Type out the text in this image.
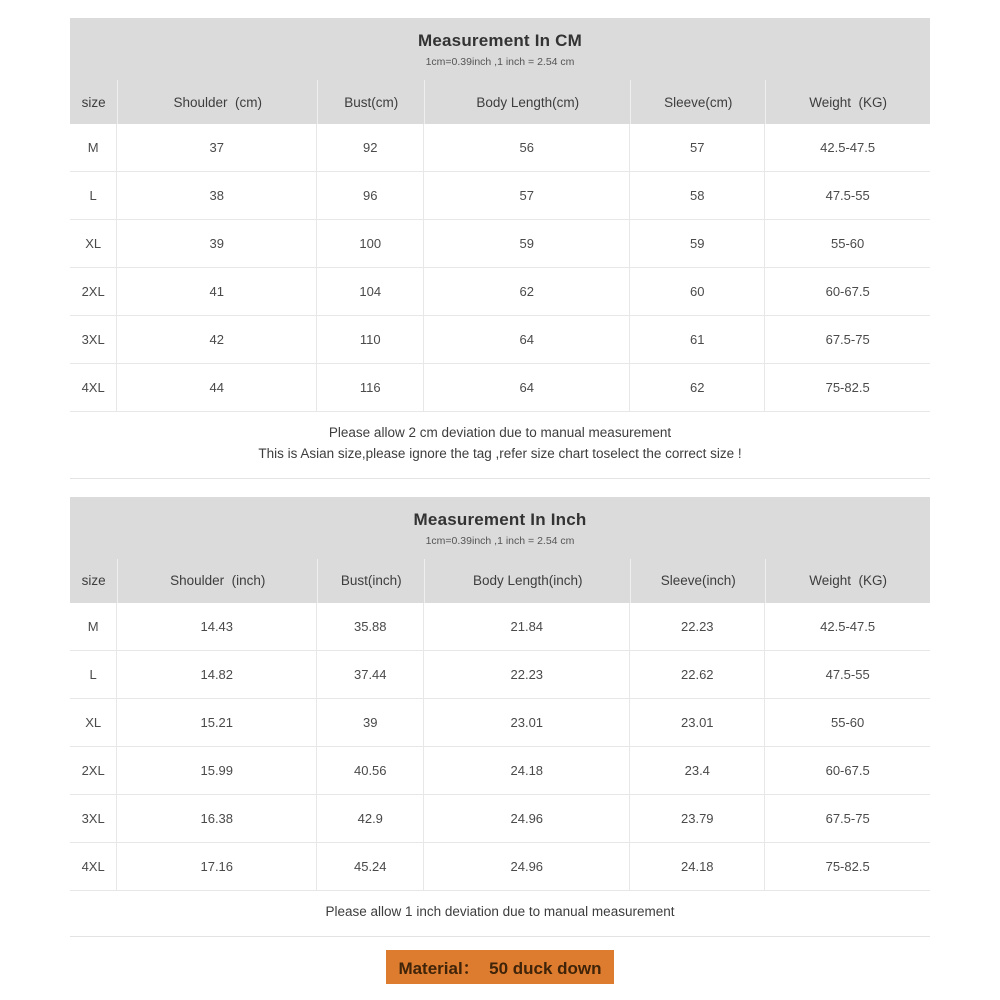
Measurement In CM
1cm=0.39inch ,1 inch = 2.54 cm
size	Shoulder  (cm)	Bust(cm)	Body Length(cm)	Sleeve(cm)	Weight  (KG)
M	37	92	56	57	42.5-47.5
L	38	96	57	58	47.5-55
XL	39	100	59	59	55-60
2XL	41	104	62	60	60-67.5
3XL	42	110	64	61	67.5-75
4XL	44	116	64	62	75-82.5

Please allow 2 cm deviation due to manual measurement

This is Asian size,please ignore the tag ,refer size chart toselect the correct size !

Measurement In Inch
1cm=0.39inch ,1 inch = 2.54 cm
size	Shoulder  (inch)	Bust(inch)	Body Length(inch)	Sleeve(inch)	Weight  (KG)
M	14.43	35.88	21.84	22.23	42.5-47.5
L	14.82	37.44	22.23	22.62	47.5-55
XL	15.21	39	23.01	23.01	55-60
2XL	15.99	40.56	24.18	23.4	60-67.5
3XL	16.38	42.9	24.96	23.79	67.5-75
4XL	17.16	45.24	24.96	24.18	75-82.5

Please allow 1 inch deviation due to manual measurement

Material：  50 duck down
